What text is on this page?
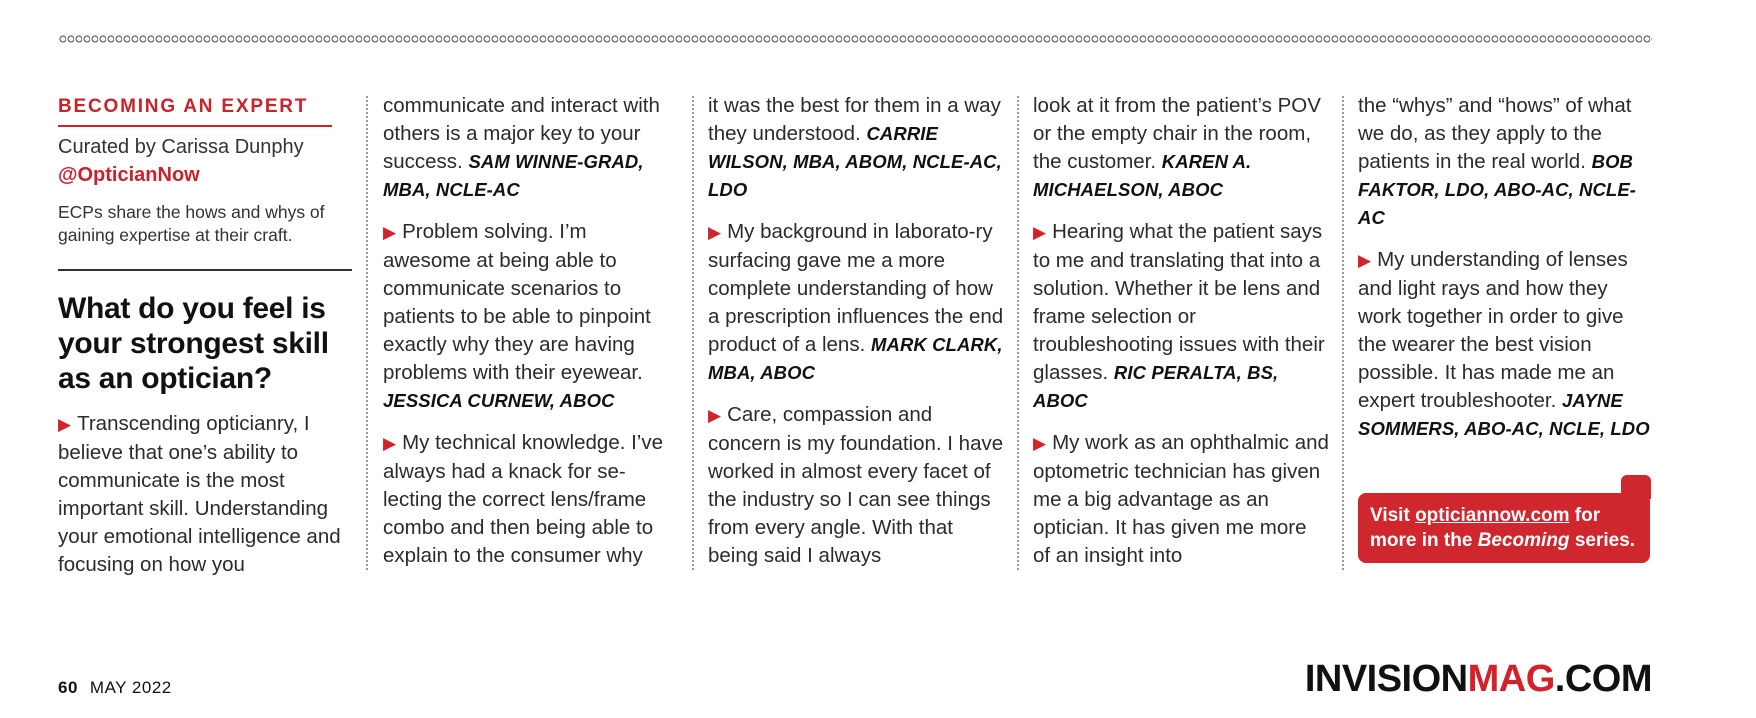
BECOMING AN EXPERT
Curated by Carissa Dunphy
@OpticianNow
ECPs share the hows and whys of gaining expertise at their craft.
What do you feel is your strongest skill as an optician?

▶ Transcending opticianry, I believe that one’s ability to communicate is the most important skill. Understanding your emotional intelligence and focusing on how you

communicate and interact with others is a major key to your success. SAM WINNE-GRAD, MBA, NCLE-AC

▶ Problem solving. I’m awesome at being able to communicate scenarios to patients to be able to pinpoint exactly why they are having problems with their eyewear. JESSICA CURNEW, ABOC

▶ My technical knowledge. I’ve always had a knack for se-lecting the correct lens/frame combo and then being able to explain to the consumer why

it was the best for them in a way they understood. CARRIE WILSON, MBA, ABOM, NCLE-AC, LDO

▶ My background in laborato-ry surfacing gave me a more complete understanding of how a prescription influences the end product of a lens. MARK CLARK, MBA, ABOC

▶ Care, compassion and concern is my foundation. I have worked in almost every facet of the industry so I can see things from every angle. With that being said I always

look at it from the patient’s POV or the empty chair in the room, the customer. KAREN A. MICHAELSON, ABOC

▶ Hearing what the patient says to me and translating that into a solution. Whether it be lens and frame selection or troubleshooting issues with their glasses. RIC PERALTA, BS, ABOC

▶ My work as an ophthalmic and optometric technician has given me a big advantage as an optician. It has given me more of an insight into

the “whys” and “hows” of what we do, as they apply to the patients in the real world. BOB FAKTOR, LDO, ABO-AC, NCLE-AC

▶ My understanding of lenses and light rays and how they work together in order to give the wearer the best vision possible. It has made me an expert troubleshooter. JAYNE SOMMERS, ABO-AC, NCLE, LDO

Visit opticiannow.com for more in the Becoming series.
60 MAY 2022	INVISIONMAG.COM
